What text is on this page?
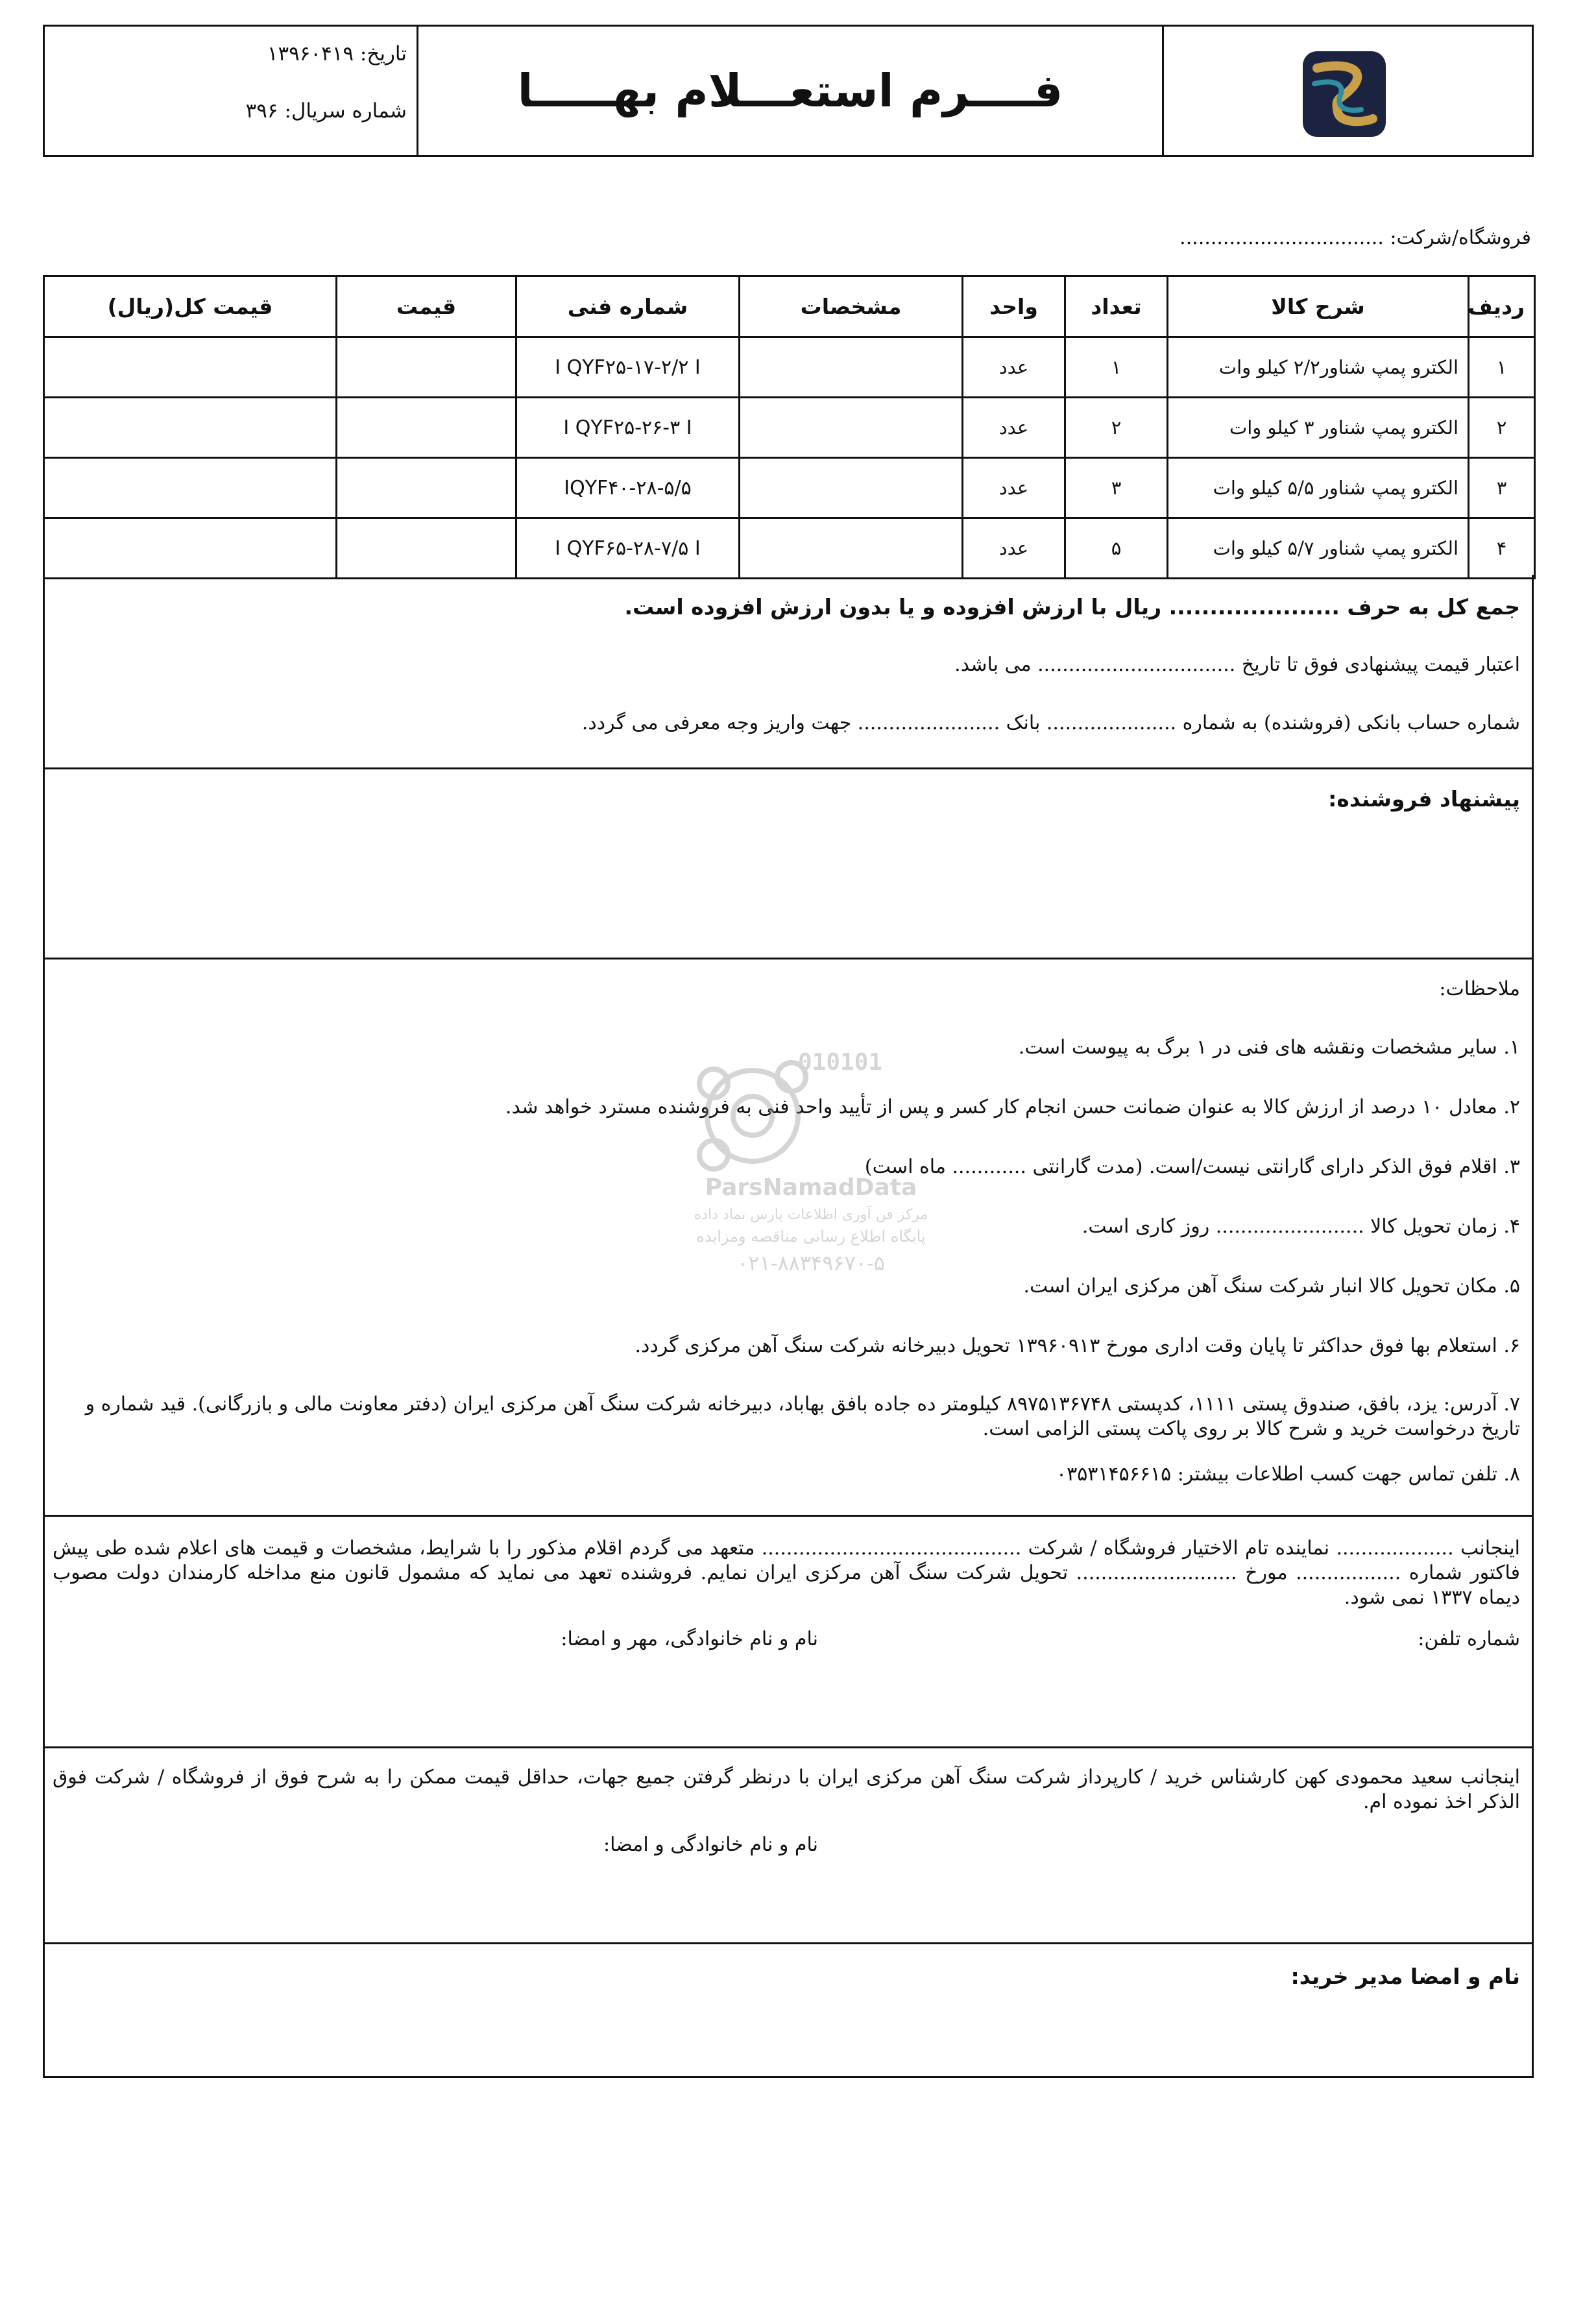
فــــرم استعـــلام بهـــــا
تاریخ: ۱۳۹۶۰۴۱۹
شماره سریال: ۳۹۶
فروشگاه/شرکت: .................................
ردیف	شرح کالا	تعداد	واحد	مشخصات	شماره فنی	قیمت	قیمت کل(ریال)
۱	الکترو پمپ شناور۲/۲ کیلو وات	۱	عدد		I QYF۲۵-۱۷-۲/۲ I		
۲	الکترو پمپ شناور ۳ کیلو وات	۲	عدد		I QYF۲۵-۲۶-۳ I		
۳	الکترو پمپ شناور ۵/۵ کیلو وات	۳	عدد		IQYF۴۰-۲۸-۵/۵		
۴	الکترو پمپ شناور ۵/۷ کیلو وات	۵	عدد		I QYF۶۵-۲۸-۷/۵ I		
جمع کل به حرف ..................... ریال با ارزش افزوده و یا بدون ارزش افزوده است.
اعتبار قیمت پیشنهادی فوق تا تاریخ ................................ می باشد.
شماره حساب بانکی (فروشنده) به شماره ..................... بانک ....................... جهت واریز وجه معرفی می گردد.
پیشنهاد فروشنده:
ملاحظات:
۱. سایر مشخصات ونقشه های فنی در ۱ برگ به پیوست است.
۲. معادل ۱۰ درصد از ارزش کالا به عنوان ضمانت حسن انجام کار کسر و پس از تأیید واحد فنی به فروشنده مسترد خواهد شد.
۳. اقلام فوق الذکر دارای گارانتی نیست/است. (مدت گارانتی ............ ماه است)
۴. زمان تحویل کالا ........................ روز کاری است.
۵. مکان تحویل کالا انبار شرکت سنگ آهن مرکزی ایران است.
۶. استعلام بها فوق حداکثر تا پایان وقت اداری مورخ ۱۳۹۶۰۹۱۳ تحویل دبیرخانه شرکت سنگ آهن مرکزی گردد.
۷. آدرس: یزد، بافق، صندوق پستی ۱۱۱۱، کدپستی ۸۹۷۵۱۳۶۷۴۸ کیلومتر ده جاده بافق بهاباد، دبیرخانه شرکت سنگ آهن مرکزی ایران (دفتر معاونت مالی و بازرگانی). قید شماره و تاریخ درخواست خرید و شرح کالا بر روی پاکت پستی الزامی است.
۸. تلفن تماس جهت کسب اطلاعات بیشتر: ۰۳۵۳۱۴۵۶۶۱۵
010101
ParsNamadData
مرکز فن آوری اطلاعات پارس نماد داده
پایگاه اطلاع رسانی مناقصه ومزایده
۰۲۱-۸۸۳۴۹۶۷۰-۵
اینجانب ................... نماینده تام الاختیار فروشگاه / شرکت .......................................... متعهد می گردم اقلام مذکور را با شرایط، مشخصات و قیمت های اعلام شده طی پیش فاکتور شماره ................. مورخ .......................... تحویل شرکت سنگ آهن مرکزی ایران نمایم. فروشنده تعهد می نماید که مشمول قانون منع مداخله کارمندان دولت مصوب دیماه ۱۳۳۷ نمی شود.
شماره تلفن:
نام و نام خانوادگی، مهر و امضا:
اینجانب سعید محمودی کهن کارشناس خرید / کارپرداز شرکت سنگ آهن مرکزی ایران با درنظر گرفتن جمیع جهات، حداقل قیمت ممکن را به شرح فوق از فروشگاه / شرکت فوق الذکر اخذ نموده ام.
نام و نام خانوادگی و امضا:
نام و امضا مدیر خرید:
